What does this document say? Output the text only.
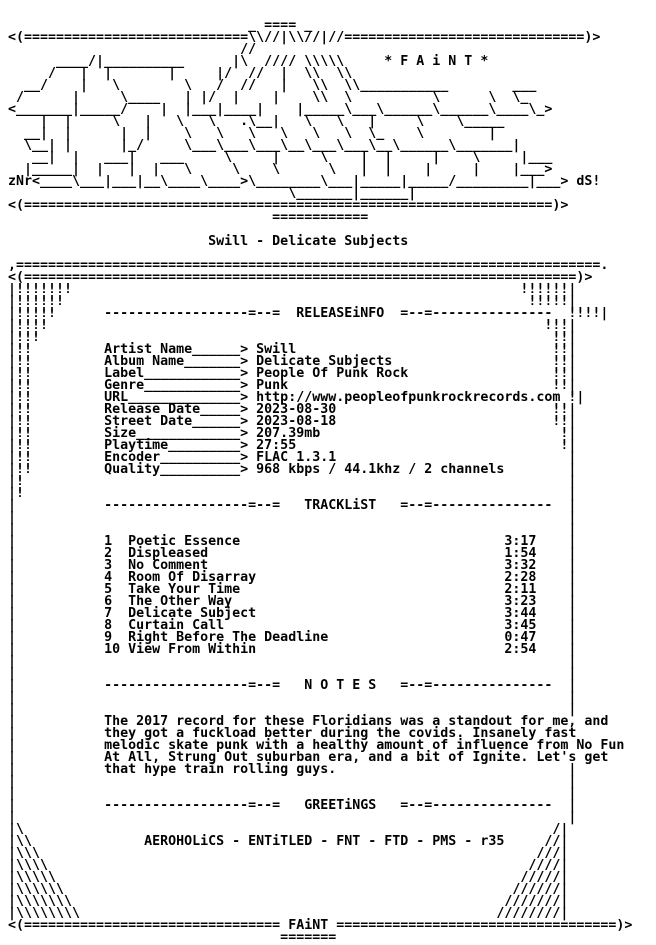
_ ==== _
<(============================\\//|\\//|//==============================)>
//
____/|__________      |\  //// \\\\\     * F A i N T *
/   |  |       |     |/  //  |  \\  \\
__/    |   \        \   /  //   |   \\  \\___________        ___
/      |     \____   | |/  |    |    \\  \          \      \  \_
<_______|_____/    |  |___|____|    |_____\___\______\______\____\_>
|  |     \   |   \   \   .\__|   \   \   |     \    \_____
__|  |      |  |    \   \   \   \   \   \  \_    \        |
\__| |      |_/     \___\___\___\__\___\___\__\______\_______|
__|  |   ___|   ___     \     |     \    |  |     |    \     |___
|_____|  |   |  |   \     \    \      \   |  |    |     |    |___>
zNr<____\___|___|__\____\____>\________\___|_____|_____/_________|___> dS!
\_______|______|
<(==================================================================)>
============
Swill - Delicate Subjects
,=========================================================================.
<(=====================================================================)>
|!!!!!!!                                                        !!!!!!|
|!!!!!!                                                          !!!!!|
|!!!!!      ------------------=--=  RELEASEiNFO  =--=---------------  !!!!|
|!!!!                                                              !!!|
|!!!                                                                !!|
|!!         Artist Name______> Swill                                !!|
|!!         Album Name_______> Delicate Subjects                    !!|
|!!         Label____________> People Of Punk Rock                  !!|
|!!         Genre____________> Punk                                 !!|
|!!         URL______________> http://www.peopleofpunkrockrecords.com !|
|!!         Release Date_____> 2023-08-30                           !!|
|!!         Street Date______> 2023-08-18                           !!|
|!!         Size_____________> 207.39mb                              !|
|!!         Playtime_________> 27:55                                 !|
|!!         Encoder__________> FLAC 1.3.1                             |
|!!         Quality__________> 968 kbps / 44.1khz / 2 channels        |
|!                                                                    |
|!                                                                    |
|           ------------------=--=   TRACKLiST   =--=---------------  |
|                                                                     |
|                                                                     |
|           1  Poetic Essence                                 3:17    |
|           2  Displeased                                     1:54    |
|           3  No Comment                                     3:32    |
|           4  Room Of Disarray                               2:28    |
|           5  Take Your Time                                 2:11    |
|           6  The Other Way                                  3:23    |
|           7  Delicate Subject                               3:44    |
|           8  Curtain Call                                   3:45    |
|           9  Right Before The Deadline                      0:47    |
|           10 View From Within                               2:54    |
|                                                                     |
|                                                                     |
|           ------------------=--=   N O T E S   =--=---------------  |
|                                                                     |
|                                                                     |
|           The 2017 record for these Floridians was a standout for me, and
|           they got a fuckload better during the covids. Insanely fast
|           melodic skate punk with a healthy amount of influence from No Fun
|           At All, Strung Out suburban era, and a bit of Ignite. Let's get
|           that hype train rolling guys.                             |
|                                                                     |
|                                                                     |
|           ------------------=--=   GREETiNGS   =--=---------------  |
|                                                                     |
|\                                                                  /|
|\\              AEROHOLiCS - ENTiTLED - FNT - FTD - PMS - r35     //|
|\\\                                                              ///|
|\\\\                                                            ////|
|\\\\\                                                          /////|
|\\\\\\                                                        //////|
|\\\\\\\                                                      ///////|
|\\\\\\\\                                                    ////////|
<(================================ FAiNT ===================================)>
=======
